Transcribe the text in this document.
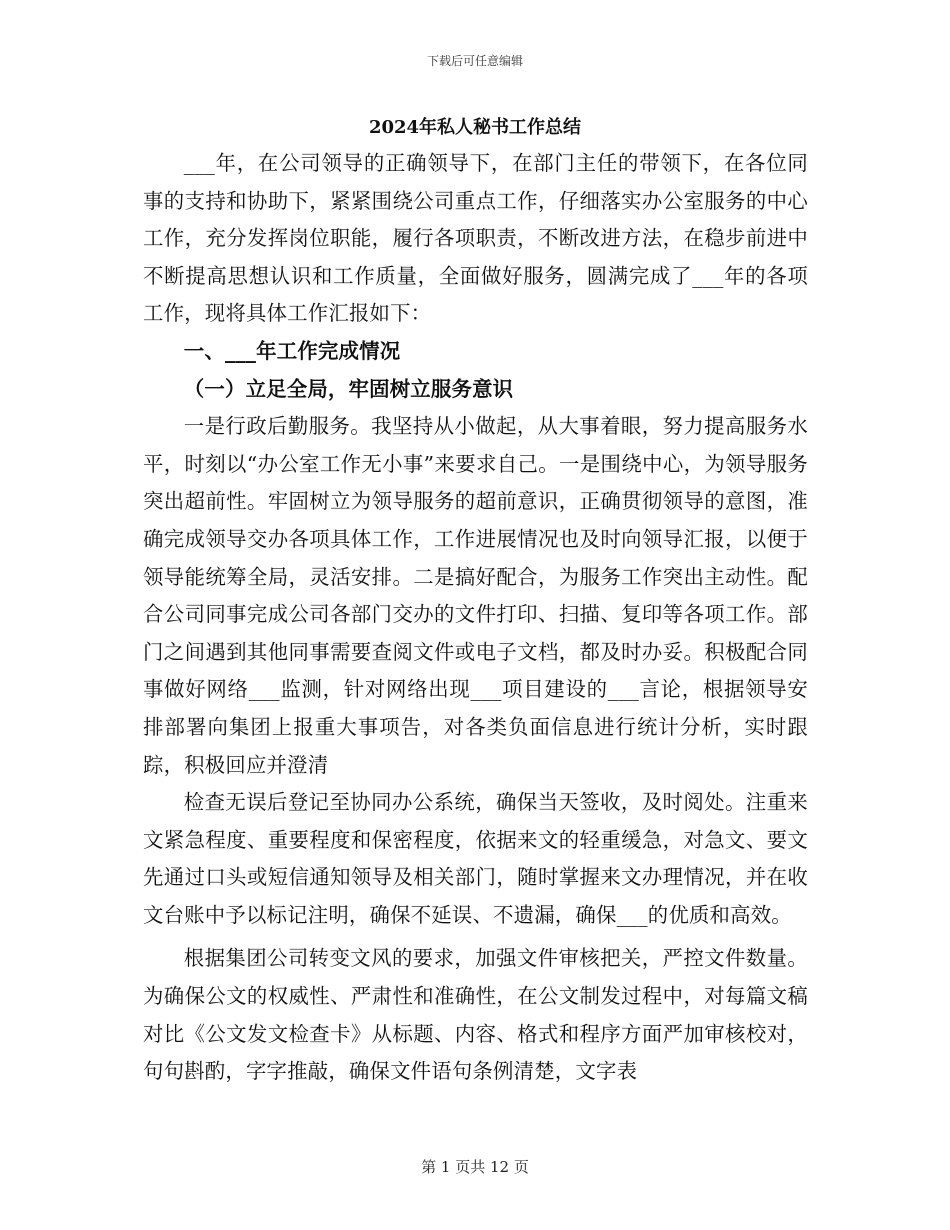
下载后可任意编辑
2024年私人秘书工作总结

___年，在公司领导的正确领导下，在部门主任的带领下，在各位同事的支持和协助下，紧紧围绕公司重点工作，仔细落实办公室服务的中心工作，充分发挥岗位职能，履行各项职责，不断改进方法，在稳步前进中不断提高思想认识和工作质量，全面做好服务，圆满完成了___年的各项工作，现将具体工作汇报如下：

一、___年工作完成情况

（一）立足全局，牢固树立服务意识

一是行政后勤服务。我坚持从小做起，从大事着眼，努力提高服务水平，时刻以“办公室工作无小事”来要求自己。一是围绕中心，为领导服务突出超前性。牢固树立为领导服务的超前意识，正确贯彻领导的意图，准确完成领导交办各项具体工作，工作进展情况也及时向领导汇报，以便于领导能统筹全局，灵活安排。二是搞好配合，为服务工作突出主动性。配合公司同事完成公司各部门交办的文件打印、扫描、复印等各项工作。部门之间遇到其他同事需要查阅文件或电子文档，都及时办妥。积极配合同事做好网络___监测，针对网络出现___项目建设的___言论，根据领导安排部署向集团上报重大事项告，对各类负面信息进行统计分析，实时跟踪，积极回应并澄清

检查无误后登记至协同办公系统，确保当天签收，及时阅处。注重来文紧急程度、重要程度和保密程度，依据来文的轻重缓急，对急文、要文先通过口头或短信通知领导及相关部门，随时掌握来文办理情况，并在收文台账中予以标记注明，确保不延误、不遗漏，确保___的优质和高效。

根据集团公司转变文风的要求，加强文件审核把关，严控文件数量。为确保公文的权威性、严肃性和准确性，在公文制发过程中，对每篇文稿对比《公文发文检查卡》从标题、内容、格式和程序方面严加审核校对，句句斟酌，字字推敲，确保文件语句条例清楚，文字表

第 1 页共 12 页
